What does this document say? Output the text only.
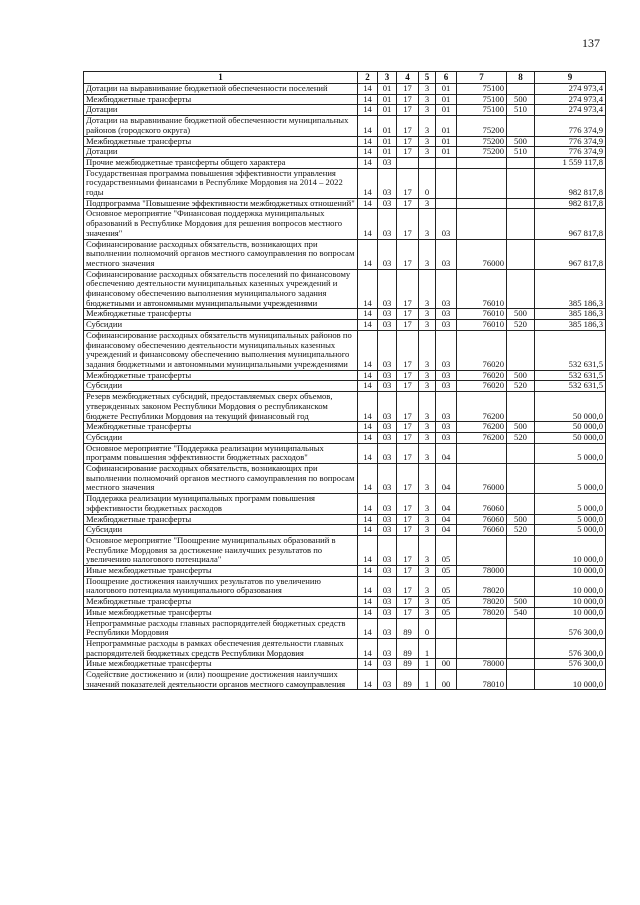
137
1	2	3	4	5	6	7	8	9
Дотации на выравнивание бюджетной обеспеченности поселений	14	01	17	3	01	75100		274 973,4
Межбюджетные трансферты	14	01	17	3	01	75100	500	274 973,4
Дотации	14	01	17	3	01	75100	510	274 973,4
Дотации на выравнивание бюджетной обеспеченности муниципальных районов (городского округа)	14	01	17	3	01	75200		776 374,9
Межбюджетные трансферты	14	01	17	3	01	75200	500	776 374,9
Дотации	14	01	17	3	01	75200	510	776 374,9
Прочие межбюджетные трансферты общего характера	14	03						1 559 117,8
Государственная программа повышения эффективности управления государственными финансами в Республике Мордовия на 2014 – 2022 годы	14	03	17	0				982 817,8
Подпрограмма "Повышение эффективности межбюджетных отношений"	14	03	17	3				982 817,8
Основное мероприятие "Финансовая поддержка муниципальных образований в Республике Мордовия для решения вопросов местного значения"	14	03	17	3	03			967 817,8
Софинансирование расходных обязательств, возникающих при выполнении полномочий органов местного самоуправления по вопросам местного значения	14	03	17	3	03	76000		967 817,8
Софинансирование расходных обязательств поселений по финансовому обеспечению деятельности муниципальных казенных учреждений и финансовому обеспечению выполнения муниципального задания бюджетными и автономными муниципальными учреждениями	14	03	17	3	03	76010		385 186,3
Межбюджетные трансферты	14	03	17	3	03	76010	500	385 186,3
Субсидии	14	03	17	3	03	76010	520	385 186,3
Софинансирование расходных обязательств муниципальных районов по финансовому обеспечению деятельности муниципальных казенных учреждений и финансовому обеспечению выполнения муниципального задания бюджетными и автономными муниципальными учреждениями	14	03	17	3	03	76020		532 631,5
Межбюджетные трансферты	14	03	17	3	03	76020	500	532 631,5
Субсидии	14	03	17	3	03	76020	520	532 631,5
Резерв межбюджетных субсидий, предоставляемых сверх объемов, утвержденных законом Республики Мордовия о республиканском бюджете Республики Мордовия на текущий финансовый год	14	03	17	3	03	76200		50 000,0
Межбюджетные трансферты	14	03	17	3	03	76200	500	50 000,0
Субсидии	14	03	17	3	03	76200	520	50 000,0
Основное мероприятие "Поддержка реализации муниципальных программ повышения эффективности бюджетных расходов"	14	03	17	3	04			5 000,0
Софинансирование расходных обязательств, возникающих при выполнении полномочий органов местного самоуправления по вопросам местного значения	14	03	17	3	04	76000		5 000,0
Поддержка реализации муниципальных программ повышения эффективности бюджетных расходов	14	03	17	3	04	76060		5 000,0
Межбюджетные трансферты	14	03	17	3	04	76060	500	5 000,0
Субсидии	14	03	17	3	04	76060	520	5 000,0
Основное мероприятие "Поощрение муниципальных образований в Республике Мордовия за достижение наилучших результатов по увеличению налогового потенциала"	14	03	17	3	05			10 000,0
Иные межбюджетные трансферты	14	03	17	3	05	78000		10 000,0
Поощрение достижения наилучших результатов по увеличению налогового потенциала муниципального образования	14	03	17	3	05	78020		10 000,0
Межбюджетные трансферты	14	03	17	3	05	78020	500	10 000,0
Иные межбюджетные трансферты	14	03	17	3	05	78020	540	10 000,0
Непрограммные расходы главных распорядителей бюджетных средств Республики Мордовия	14	03	89	0				576 300,0
Непрограммные расходы в рамках обеспечения деятельности главных распорядителей бюджетных средств Республики Мордовия	14	03	89	1				576 300,0
Иные межбюджетные трансферты	14	03	89	1	00	78000		576 300,0
Содействие достижению и (или) поощрение достижения наилучших значений показателей деятельности органов местного самоуправления	14	03	89	1	00	78010		10 000,0
